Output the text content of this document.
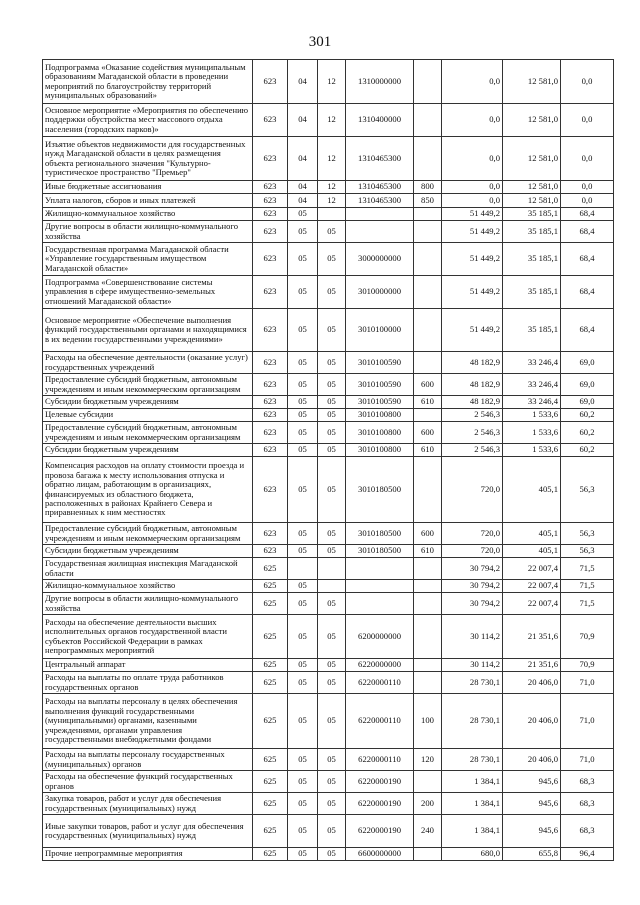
301
Подпрограмма «Оказание содействия муниципальным образованиям Магаданской области в проведении мероприятий по благоустройству территорий муниципальных образований»	623	04	12	1310000000		0,0	12 581,0	0,0
Основное мероприятие «Мероприятия по обеспечению поддержки обустройства мест массового отдыха населения (городских парков)»	623	04	12	1310400000		0,0	12 581,0	0,0
Изъятие объектов недвижимости для государственных нужд Магаданской области в целях размещения объекта регионального значения "Культурно-туристическое пространство "Премьер"	623	04	12	1310465300		0,0	12 581,0	0,0
Иные бюджетные ассигнования	623	04	12	1310465300	800	0,0	12 581,0	0,0
Уплата налогов, сборов и иных платежей	623	04	12	1310465300	850	0,0	12 581,0	0,0
Жилищно-коммунальное хозяйство	623	05				51 449,2	35 185,1	68,4
Другие вопросы в области жилищно-коммунального хозяйства	623	05	05			51 449,2	35 185,1	68,4
Государственная программа Магаданской области «Управление государственным имуществом Магаданской области»	623	05	05	3000000000		51 449,2	35 185,1	68,4
Подпрограмма «Совершенствование системы управления в сфере имущественно-земельных отношений Магаданской области»	623	05	05	3010000000		51 449,2	35 185,1	68,4
Основное мероприятие «Обеспечение выполнения функций государственными органами и находящимися в их ведении государственными учреждениями»	623	05	05	3010100000		51 449,2	35 185,1	68,4
Расходы на обеспечение деятельности (оказание услуг) государственных учреждений	623	05	05	3010100590		48 182,9	33 246,4	69,0
Предоставление субсидий бюджетным, автономным учреждениям и иным некоммерческим организациям	623	05	05	3010100590	600	48 182,9	33 246,4	69,0
Субсидии бюджетным учреждениям	623	05	05	3010100590	610	48 182,9	33 246,4	69,0
Целевые субсидии	623	05	05	3010100800		2 546,3	1 533,6	60,2
Предоставление субсидий бюджетным, автономным учреждениям и иным некоммерческим организациям	623	05	05	3010100800	600	2 546,3	1 533,6	60,2
Субсидии бюджетным учреждениям	623	05	05	3010100800	610	2 546,3	1 533,6	60,2
Компенсация расходов на оплату стоимости проезда и провоза багажа к месту использования отпуска и обратно лицам, работающим в организациях, финансируемых из областного бюджета, расположенных в районах Крайнего Севера и приравненных к ним местностях	623	05	05	3010180500		720,0	405,1	56,3
Предоставление субсидий бюджетным, автономным учреждениям и иным некоммерческим организациям	623	05	05	3010180500	600	720,0	405,1	56,3
Субсидии бюджетным учреждениям	623	05	05	3010180500	610	720,0	405,1	56,3
Государственная жилищная инспекция Магаданской области	625					30 794,2	22 007,4	71,5
Жилищно-коммунальное хозяйство	625	05				30 794,2	22 007,4	71,5
Другие вопросы в области жилищно-коммунального хозяйства	625	05	05			30 794,2	22 007,4	71,5
Расходы на обеспечение деятельности высших исполнительных органов государственной власти субъектов Российской Федерации в рамках непрограммных мероприятий	625	05	05	6200000000		30 114,2	21 351,6	70,9
Центральный аппарат	625	05	05	6220000000		30 114,2	21 351,6	70,9
Расходы на выплаты по оплате труда работников государственных органов	625	05	05	6220000110		28 730,1	20 406,0	71,0
Расходы на выплаты персоналу в целях обеспечения выполнения функций государственными (муниципальными) органами, казенными учреждениями, органами управления государственными внебюджетными фондами	625	05	05	6220000110	100	28 730,1	20 406,0	71,0
Расходы на выплаты персоналу государственных (муниципальных) органов	625	05	05	6220000110	120	28 730,1	20 406,0	71,0
Расходы на обеспечение функций государственных органов	625	05	05	6220000190		1 384,1	945,6	68,3
Закупка товаров, работ и услуг для обеспечения государственных (муниципальных) нужд	625	05	05	6220000190	200	1 384,1	945,6	68,3
Иные закупки товаров, работ и услуг для обеспечения государственных (муниципальных) нужд	625	05	05	6220000190	240	1 384,1	945,6	68,3
Прочие непрограммные мероприятия	625	05	05	6600000000		680,0	655,8	96,4
